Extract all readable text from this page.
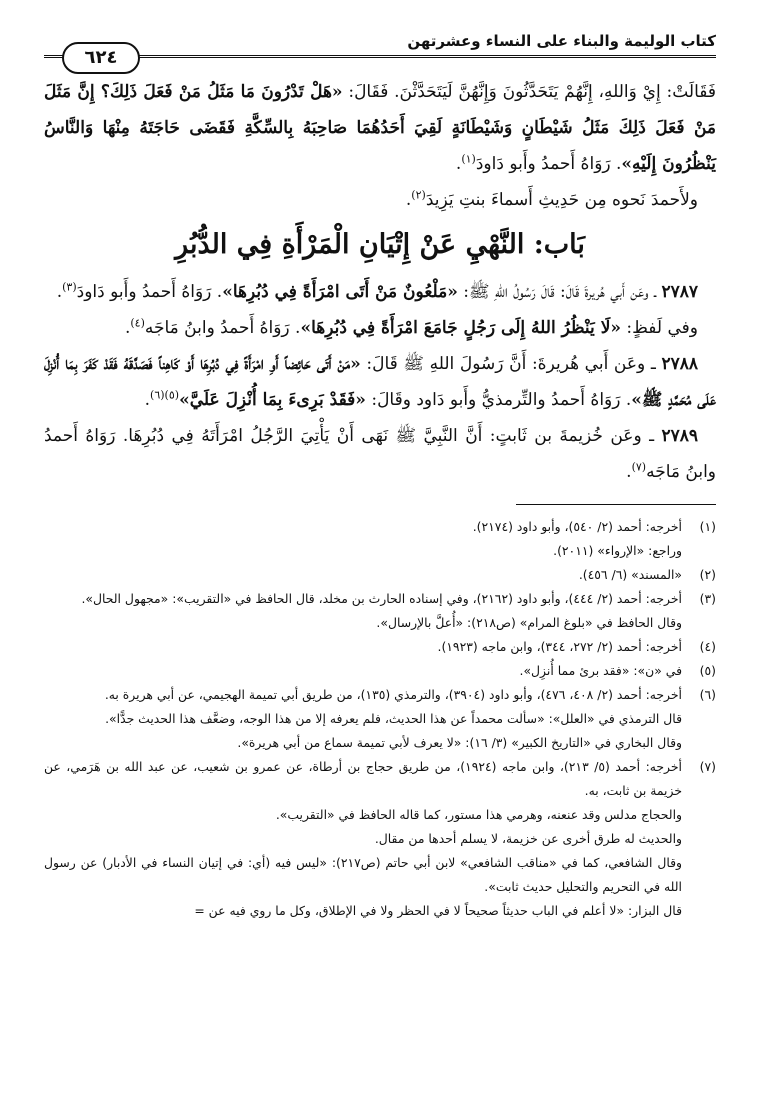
كتاب الوليمة والبناء على النساء وعشرتهن
٦٢٤

فَقَالَتْ: إِيْ وَاللهِ، إِنَّهُمْ يَتَحَدَّثُونَ وَإِنَّهُنَّ لَيَتَحَدَّثْنَ. فَقَالَ: «هَلْ تَدْرُونَ مَا مَثَلُ مَنْ فَعَلَ ذَلِكَ؟ إِنَّ مَثَلَ مَنْ فَعَلَ ذَلِكَ مَثَلُ شَيْطَانٍ وَشَيْطَانَةٍ لَقِيَ أَحَدُهُمَا صَاحِبَهُ بِالسِّكَّةِ فَقَضَى حَاجَتَهُ مِنْهَا وَالنَّاسُ يَنْظُرُونَ إِلَيْهِ». رَوَاهُ أَحمدُ وأَبو دَاودَ$^{(١)}$.

ولأَحمدَ نَحوه مِن حَدِيثِ أَسماءَ بنتِ يَزِيدَ$^{(٢)}$.

بَاب: النَّهْيِ عَنْ إِتْيَانِ الْمَرْأَةِ فِي الدُّبُرِ

٢٧٨٧ ـ وعَن أَبي هُريرةَ قَالَ: قَالَ رَسُولُ اللهِ ﷺ: «مَلْعُونٌ مَنْ أَتَى امْرَأَةً فِي دُبُرِهَا». رَوَاهُ أَحمدُ وأَبو دَاودَ$^{(٣)}$.

وفي لَفظٍ: «لَا يَنْظُرُ اللهُ إِلَى رَجُلٍ جَامَعَ امْرَأَةً فِي دُبُرِهَا». رَوَاهُ أَحمدُ وابنُ مَاجَه$^{(٤)}$.

٢٧٨٨ ـ وعَن أَبي هُريرةَ: أَنَّ رَسُولَ اللهِ ﷺ قَالَ: «مَنْ أَتَى حَائِضاً أَوِ امْرَأَةً فِي دُبُرِهَا أَوْ كَاهِناً فَصَدَّقَهُ فَقَدْ كَفَرَ بِمَا أُنْزِلَ عَلَى مُحَمَّدٍ ﷺ». رَوَاهُ أَحمدُ والتِّرمذيُّ وأَبو دَاود وقَالَ: «فَقَدْ بَرِىءَ بِمَا أُنْزِلَ عَلَيَّ»$^{(٥)(٦)}$.

٢٧٨٩ ـ وعَن خُزيمةَ بن ثَابتٍ: أَنَّ النَّبِيَّ ﷺ نَهَى أَنْ يَأْتِيَ الرَّجُلُ امْرَأَتَهُ فِي دُبُرِهَا. رَوَاهُ أَحمدُ وابنُ مَاجَه$^{(٧)}$.

(١)

أخرجه: أحمد (٢/ ٥٤٠)، وأبو داود (٢١٧٤).

وراجع: «الإرواء» (٢٠١١).

(٢)

«المسند» (٦/ ٤٥٦).

(٣)

أخرجه: أحمد (٢/ ٤٤٤)، وأبو داود (٢١٦٢)، وفي إسناده الحارث بن مخلد، قال الحافظ في «التقريب»: «مجهول الحال».

وقال الحافظ في «بلوغ المرام» (ص٢١٨): «أُعلَّ بالإرسال».

(٤)

أخرجه: أحمد (٢/ ٢٧٢، ٣٤٤)، وابن ماجه (١٩٢٣).

(٥)

في «ن»: «فقد برئ مما أُنزِل».

(٦)

أخرجه: أحمد (٢/ ٤٠٨، ٤٧٦)، وأبو داود (٣٩٠٤)، والترمذي (١٣٥)، من طريق أبي تميمة الهجيمي، عن أبي هريرة به.

قال الترمذي في «العلل»: «سألت محمداً عن هذا الحديث، فلم يعرفه إلا من هذا الوجه، وضعَّف هذا الحديث جدًّا».

وقال البخاري في «التاريخ الكبير» (٣/ ١٦): «لا يعرف لأبي تميمة سماع من أبي هريرة».

(٧)

أخرجه: أحمد (٥/ ٢١٣)، وابن ماجه (١٩٢٤)، من طريق حجاج بن أرطاة، عن عمرو بن شعيب، عن عبد الله بن هَرَمي، عن خزيمة بن ثابت، به.

والحجاج مدلس وقد عنعنه، وهرمي هذا مستور، كما قاله الحافظ في «التقريب».

والحديث له طرق أخرى عن خزيمة، لا يسلم أحدها من مقال.

وقال الشافعي، كما في «مناقب الشافعي» لابن أبي حاتم (ص٢١٧): «ليس فيه (أي: في إتيان النساء في الأدبار) عن رسول الله في التحريم والتحليل حديث ثابت».

قال البزار: «لا أعلم في الباب حديثاً صحيحاً لا في الحظر ولا في الإطلاق، وكل ما روي فيه عن =
